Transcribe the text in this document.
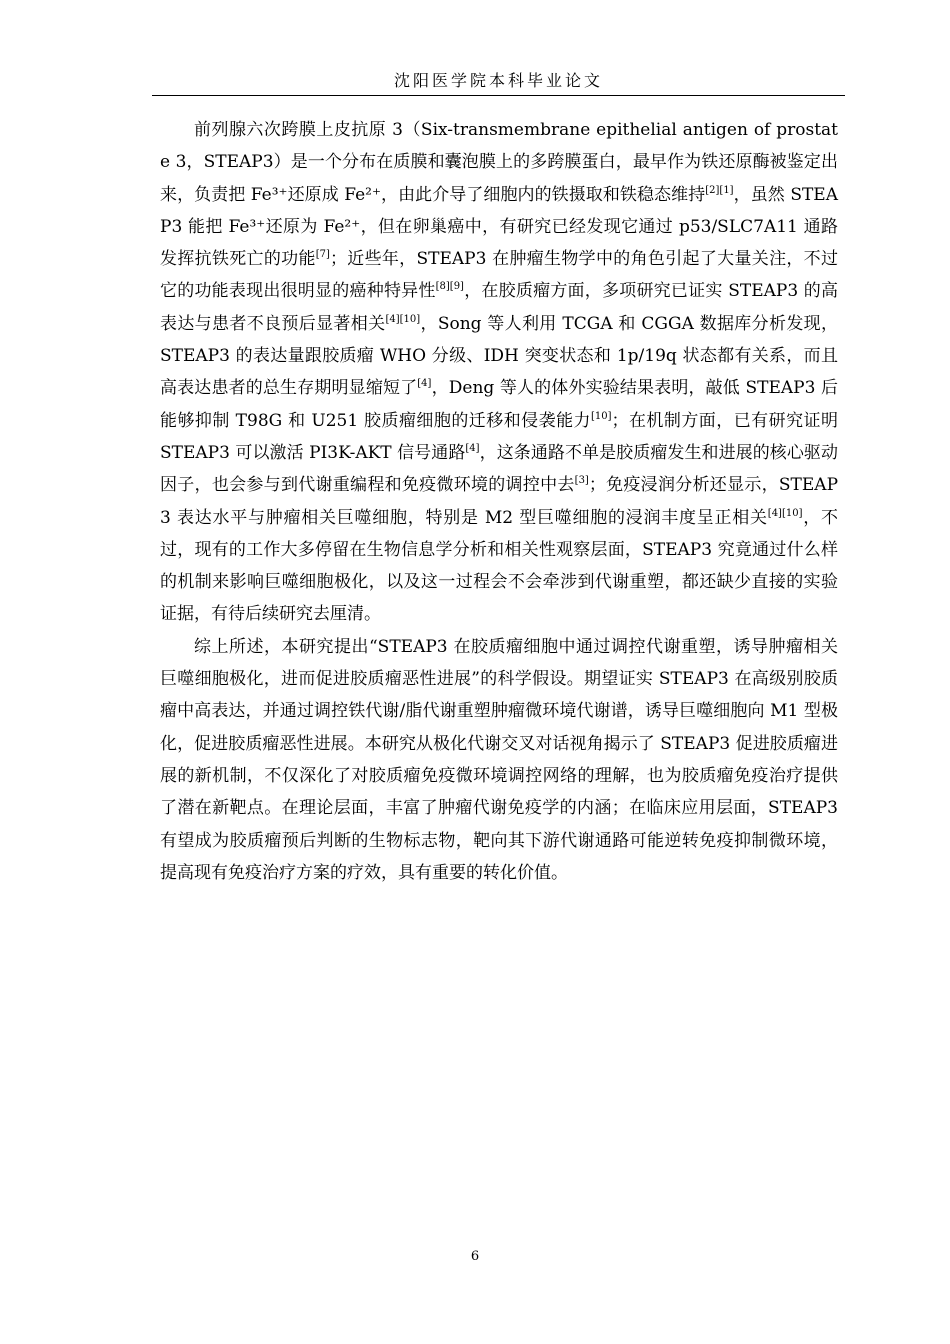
沈阳医学院本科毕业论文

前列腺六次跨膜上皮抗原 3（Six-transmembrane epithelial antigen of prostate 3，STEAP3）是一个分布在质膜和囊泡膜上的多跨膜蛋白，最早作为铁还原酶被鉴定出来，负责把 Fe³⁺还原成 Fe²⁺，由此介导了细胞内的铁摄取和铁稳态维持[2][1]，虽然 STEAP3 能把 Fe³⁺还原为 Fe²⁺，但在卵巢癌中，有研究已经发现它通过 p53/SLC7A11 通路发挥抗铁死亡的功能[7]；近些年，STEAP3 在肿瘤生物学中的角色引起了大量关注，不过它的功能表现出很明显的癌种特异性[8][9]，在胶质瘤方面，多项研究已证实 STEAP3 的高表达与患者不良预后显著相关[4][10]，Song 等人利用 TCGA 和 CGGA 数据库分析发现，STEAP3 的表达量跟胶质瘤 WHO 分级、IDH 突变状态和 1p/19q 状态都有关系，而且高表达患者的总生存期明显缩短了[4]，Deng 等人的体外实验结果表明，敲低 STEAP3 后能够抑制 T98G 和 U251 胶质瘤细胞的迁移和侵袭能力[10]；在机制方面，已有研究证明 STEAP3 可以激活 PI3K-AKT 信号通路[4]，这条通路不单是胶质瘤发生和进展的核心驱动因子，也会参与到代谢重编程和免疫微环境的调控中去[3]；免疫浸润分析还显示，STEAP3 表达水平与肿瘤相关巨噬细胞，特别是 M2 型巨噬细胞的浸润丰度呈正相关[4][10]，不过，现有的工作大多停留在生物信息学分析和相关性观察层面，STEAP3 究竟通过什么样的机制来影响巨噬细胞极化，以及这一过程会不会牵涉到代谢重塑，都还缺少直接的实验证据，有待后续研究去厘清。

综上所述，本研究提出“STEAP3 在胶质瘤细胞中通过调控代谢重塑，诱导肿瘤相关巨噬细胞极化，进而促进胶质瘤恶性进展”的科学假设。期望证实 STEAP3 在高级别胶质瘤中高表达，并通过调控铁代谢/脂代谢重塑肿瘤微环境代谢谱，诱导巨噬细胞向 M1 型极化，促进胶质瘤恶性进展。本研究从极化代谢交叉对话视角揭示了 STEAP3 促进胶质瘤进展的新机制，不仅深化了对胶质瘤免疫微环境调控网络的理解，也为胶质瘤免疫治疗提供了潜在新靶点。在理论层面，丰富了肿瘤代谢免疫学的内涵；在临床应用层面，STEAP3 有望成为胶质瘤预后判断的生物标志物，靶向其下游代谢通路可能逆转免疫抑制微环境，提高现有免疫治疗方案的疗效，具有重要的转化价值。

6
